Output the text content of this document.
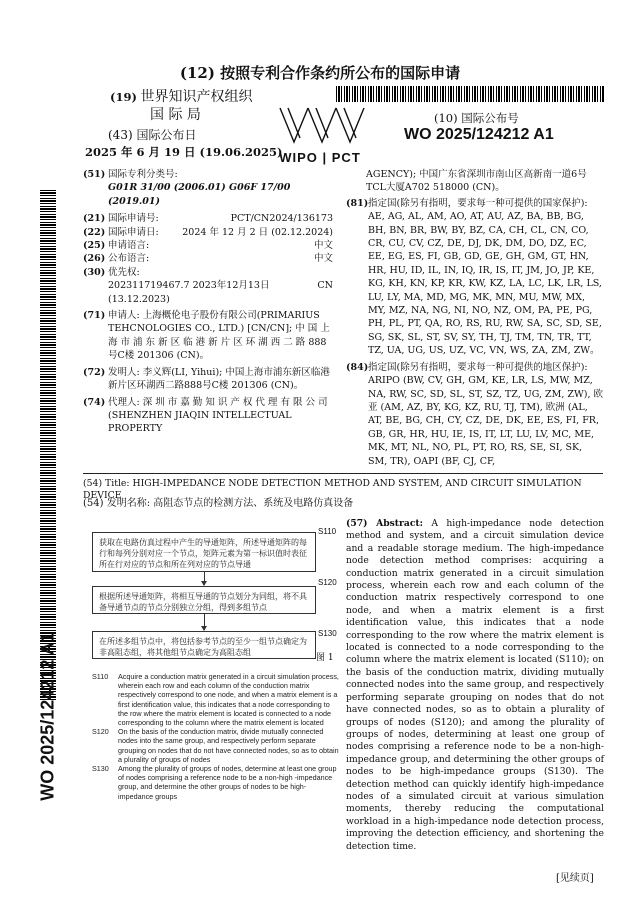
(12) 按照专利合作条约所公布的国际申请
(19) 世界知识产权组织
国 际 局
(43) 国际公布日
2025 年 6 月 19 日 (19.06.2025)
WIPO | PCT
(10) 国际公布号
WO 2025/124212 A1
(51) 国际专利分类号:
G01R 31/00 (2006.01) G06F 17/00 (2019.01)
(21) 国际申请号:	PCT/CN2024/136173
(22) 国际申请日:	2024 年 12 月 2 日 (02.12.2024)
(25) 申请语言:	中文
(26) 公布语言:	中文
(30) 优先权:
202311719467.7 2023年12月13日 (13.12.2023)
CN
(71) 申请人: 上海概伦电子股份有限公司(PRIMARIUS TEHCNOLOGIES CO., LTD.) [CN/CN]; 中 国 上 海 市 浦 东 新 区 临 港 新 片 区 环 湖 西 二 路 888 号C楼 201306 (CN)。
(72) 发明人: 李义辉(LI, Yihui); 中国上海市浦东新区临港新片区环湖西二路888号C楼 201306 (CN)。
(74) 代理人: 深 圳 市 嘉 勤 知 识 产 权 代 理 有 限 公 司 (SHENZHEN JIAQIN INTELLECTUAL PROPERTY
AGENCY); 中国广东省深圳市南山区高新南一道6号TCL大厦A702 518000 (CN)。
(81) 指定国(除另有指明，要求每一种可提供的国家保护): AE, AG, AL, AM, AO, AT, AU, AZ, BA, BB, BG, BH, BN, BR, BW, BY, BZ, CA, CH, CL, CN, CO, CR, CU, CV, CZ, DE, DJ, DK, DM, DO, DZ, EC, EE, EG, ES, FI, GB, GD, GE, GH, GM, GT, HN, HR, HU, ID, IL, IN, IQ, IR, IS, IT, JM, JO, JP, KE, KG, KH, KN, KP, KR, KW, KZ, LA, LC, LK, LR, LS, LU, LY, MA, MD, MG, MK, MN, MU, MW, MX, MY, MZ, NA, NG, NI, NO, NZ, OM, PA, PE, PG, PH, PL, PT, QA, RO, RS, RU, RW, SA, SC, SD, SE, SG, SK, SL, ST, SV, SY, TH, TJ, TM, TN, TR, TT, TZ, UA, UG, US, UZ, VC, VN, WS, ZA, ZM, ZW。
(84) 指定国(除另有指明，要求每一种可提供的地区保护): ARIPO (BW, CV, GH, GM, KE, LR, LS, MW, MZ, NA, RW, SC, SD, SL, ST, SZ, TZ, UG, ZM, ZW), 欧亚 (AM, AZ, BY, KG, KZ, RU, TJ, TM), 欧洲 (AL, AT, BE, BG, CH, CY, CZ, DE, DK, EE, ES, FI, FR, GB, GR, HR, HU, IE, IS, IT, LT, LU, LV, MC, ME, MK, MT, NL, NO, PL, PT, RO, RS, SE, SI, SK, SM, TR), OAPI (BF, CJ, CF,
(54) Title: HIGH-IMPEDANCE NODE DETECTION METHOD AND SYSTEM, AND CIRCUIT SIMULATION DEVICE
(54) 发明名称: 高阻态节点的检测方法、系统及电路仿真设备
获取在电路仿真过程中产生的导通矩阵，所述导通矩阵的每行和每列分别对应一个节点，矩阵元素为第一标识值时表征所在行对应的节点和所在列对应的节点导通
S110
根据所述导通矩阵，将相互导通的节点划分为同组，将不具备导通节点的节点分别独立分组，得到多组节点
S120
在所述多组节点中，将包括参考节点的至少一组节点确定为非高阻态组，将其他组节点确定为高阻态组
S130
图 1
S110	Acquire a conduction matrix generated in a circuit simulation process, wherein each row and each column of the conduction matrix respectively correspond to one node, and when a matrix element is a first identification value, this indicates that a node corresponding to the row where the matrix element is located is connected to a node corresponding to the column where the matrix element is located
S120	On the basis of the conduction matrix, divide mutually connected nodes into the same group, and respectively perform separate grouping on nodes that do not have connected nodes, so as to obtain a plurality of groups of nodes
S130	Among the plurality of groups of nodes, determine at least one group of nodes comprising a reference node to be a non-high -impedance group, and determine the other groups of nodes to be high-impedance groups
(57) Abstract: A high-impedance node detection method and system, and a circuit simulation device and a readable storage medium. The high-impedance node detection method comprises: acquiring a conduction matrix generated in a circuit simulation process, wherein each row and each column of the conduction matrix respectively correspond to one node, and when a matrix element is a first identification value, this indicates that a node corresponding to the row where the matrix element is located is connected to a node corresponding to the column where the matrix element is located (S110); on the basis of the conduction matrix, dividing mutually connected nodes into the same group, and respectively performing separate grouping on nodes that do not have connected nodes, so as to obtain a plurality of groups of nodes (S120); and among the plurality of groups of nodes, determining at least one group of nodes comprising a reference node to be a non-high-impedance group, and determining the other groups of nodes to be high-impedance groups (S130). The detection method can quickly identify high-impedance nodes of a simulated circuit at various simulation moments, thereby reducing the computational workload in a high-impedance node detection process, improving the detection efficiency, and shortening the detection time.
[见续页]
WO 2025/124212 A1
